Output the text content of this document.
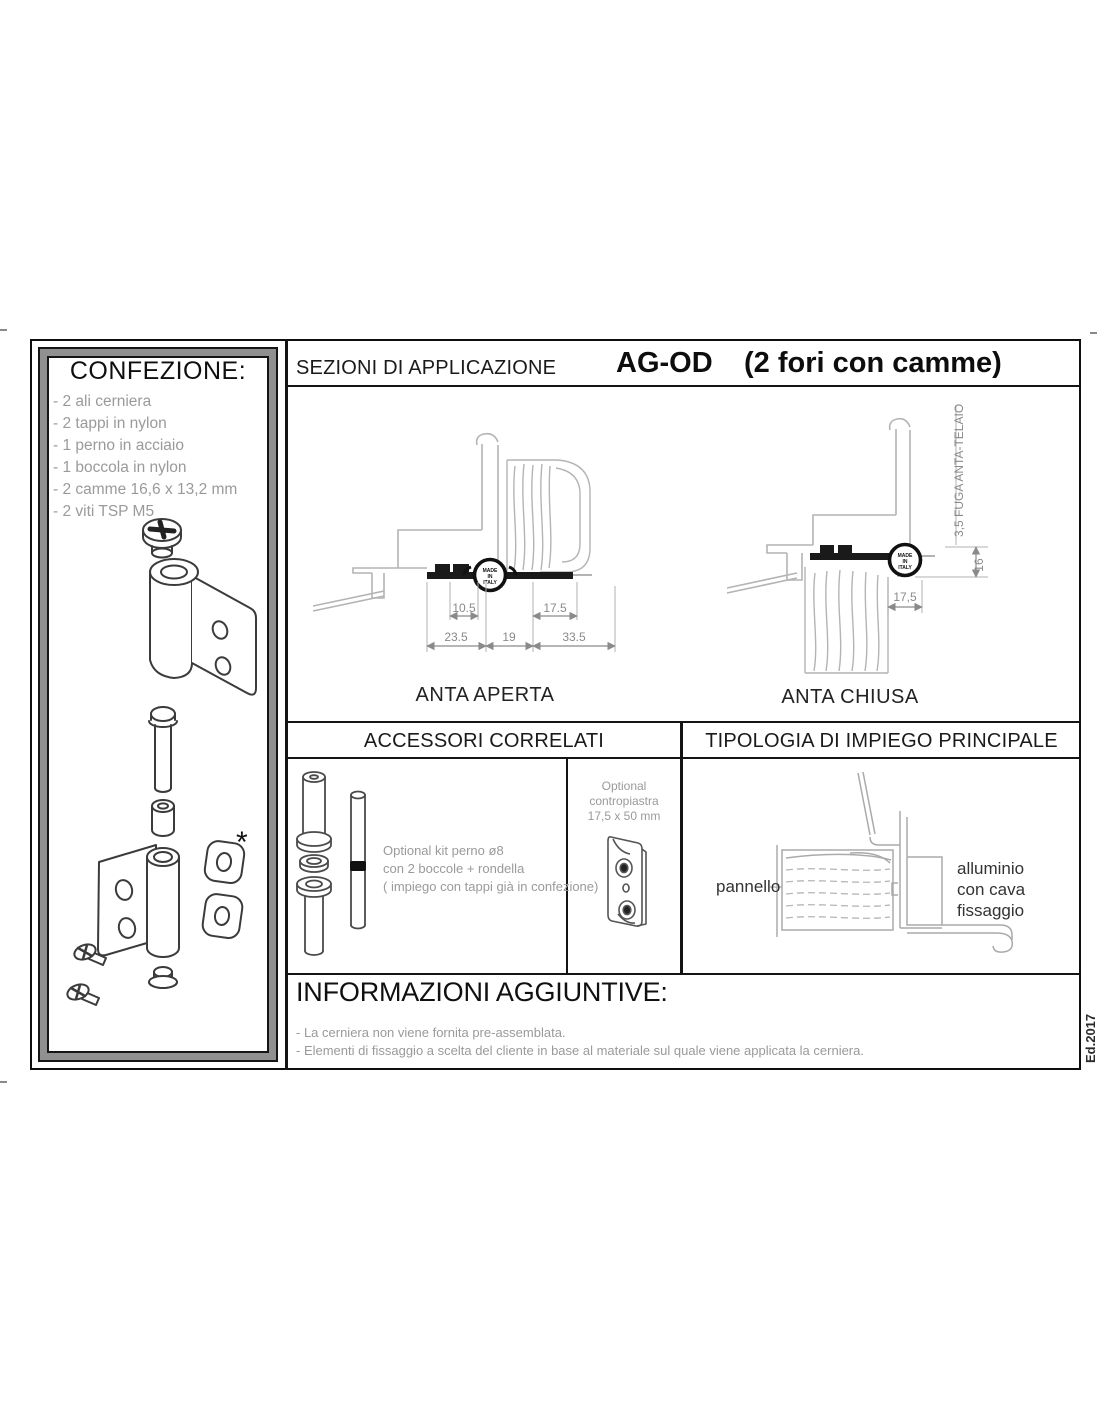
CONFEZIONE:
- 2 ali cerniera
- 2 tappi in nylon
- 1 perno in acciaio
- 1 boccola in nylon
- 2 camme 16,6 x 13,2 mm
- 2 viti TSP M5
*
SEZIONI DI APPLICAZIONE AG-OD (2 fori con camme)
MADE
IN
ITALY
10.5	17.5
23.5	19	33.5
ANTA APERTA
MADE
IN
ITALY
3,5 FUGA ANTA-TELAIO
16
17,5
ANTA CHIUSA
ACCESSORI CORRELATI	TIPOLOGIA DI IMPIEGO PRINCIPALE
Optional kit perno ø8
con 2 boccole + rondella
( impiego con tappi già in confezione)
Optional contropiastra
17,5 x 50 mm
pannello
alluminio
con cava
fissaggio
INFORMAZIONI AGGIUNTIVE:
- La cerniera non viene fornita pre-assemblata.
- Elementi di fissaggio a scelta del cliente in base al materiale sul quale viene applicata la cerniera.	Ed.2017
